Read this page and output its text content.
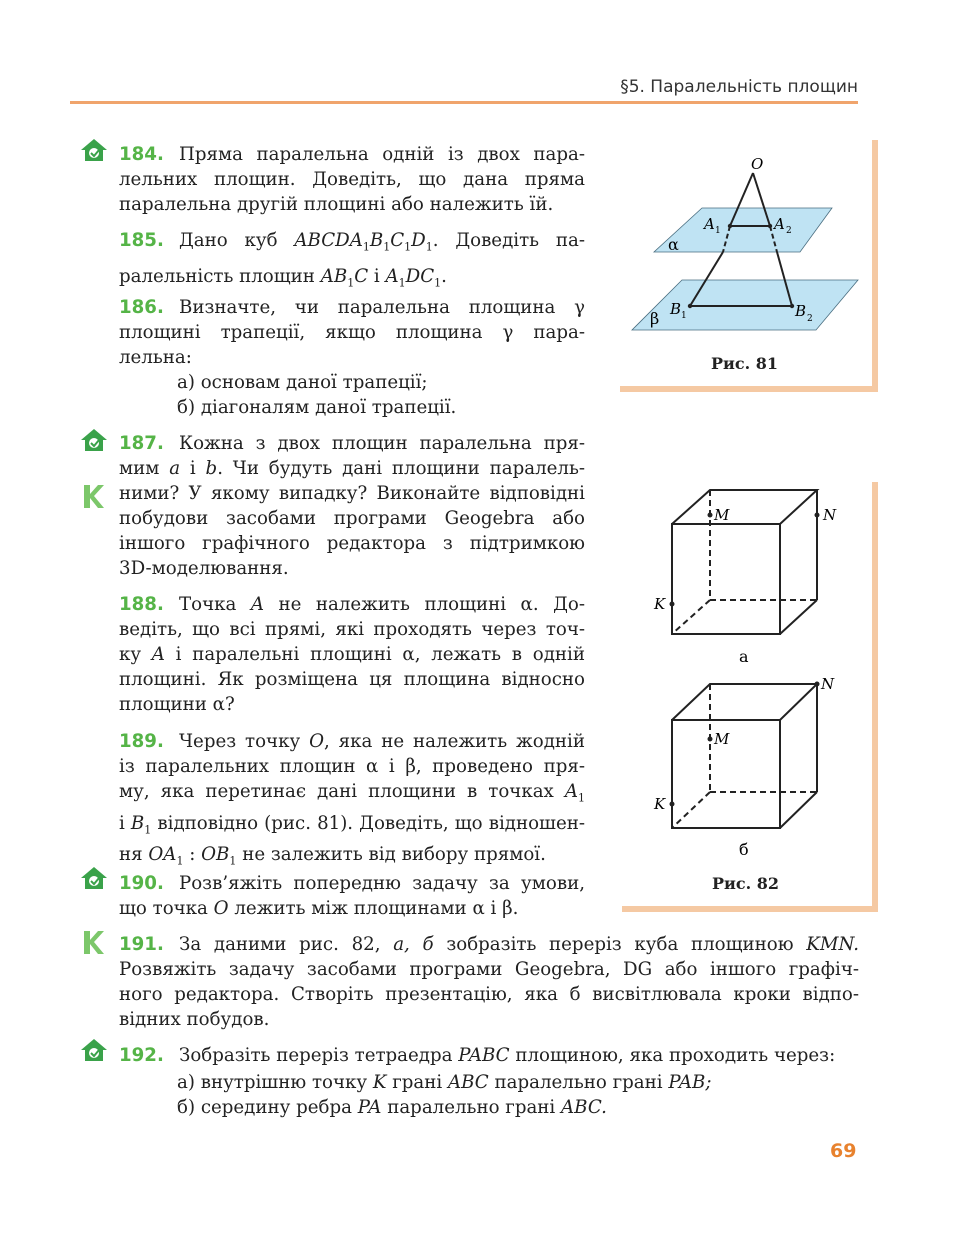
§5. Паралельність площин
184. Пряма паралельна одній із двох пара-
лельних площин. Доведіть, що дана пряма
паралельна другій площині або належить їй.
185. Дано куб $ABCDA_1B_1C_1D_1$. Доведіть па-
ралельність площин $AB_1C$ і $A_1DC_1$.
186. Визначте, чи паралельна площина γ
площині трапеції, якщо площина γ пара-
лельна:
а) основам даної трапеції;
б) діагоналям даної трапеції.
187. Кожна з двох площин паралельна пря-
мим a і b. Чи будуть дані площини паралель-
ними? У якому випадку? Виконайте відповідні
побудови засобами програми Geogebra або
іншого графічного редактора з підтримкою
3D-моделювання.
188. Точка A не належить площині α. До-
ведіть, що всі прямі, які проходять через точ-
ку A і паралельні площині α, лежать в одній
площині. Як розміщена ця площина відносно
площини α?
189. Через точку O, яка не належить жодній
із паралельних площин α і β, проведено пря-
му, яка перетинає дані площини в точках $A_1$
і $B_1$ відповідно (рис. 81). Доведіть, що відношен-
ня $OA_1$ : $OB_1$ не залежить від вибору прямої.
190. Розв’яжіть попередню задачу за умови,
що точка O лежить між площинами α і β.
191. За даними рис. 82, а, б зобразіть переріз куба площиною KMN.
Розвяжіть задачу засобами програми Geogebra, DG або іншого графіч-
ного редактора. Створіть презентацію, яка б висвітлювала кроки відпо-
відних побудов.
192. Зобразіть переріз тетраедра PABC площиною, яка проходить через:
а) внутрішню точку K грані ABC паралельно грані PAB;
б) середину ребра PA паралельно грані ABC.
O
A 1	A 2
α
B 1	B 2
β
Рис. 81
M	N
K
а
M
N
K
б
Рис. 82
69
